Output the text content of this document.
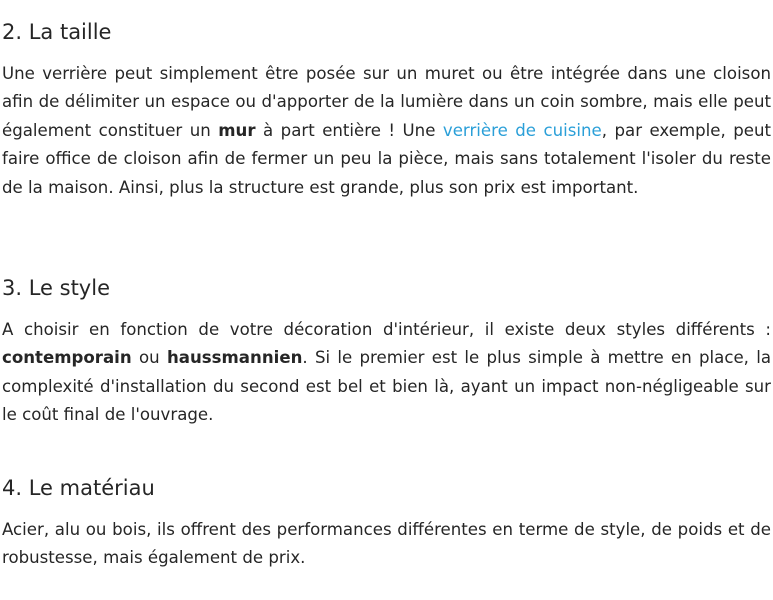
2. La taille

Une verrière peut simplement être posée sur un muret ou être intégrée dans une cloison afin de délimiter un espace ou d'apporter de la lumière dans un coin sombre, mais elle peut également constituer un mur à part entière ! Une verrière de cuisine, par exemple, peut faire office de cloison afin de fermer un peu la pièce, mais sans totalement l'isoler du reste de la maison. Ainsi, plus la structure est grande, plus son prix est important.

3. Le style

A choisir en fonction de votre décoration d'intérieur, il existe deux styles différents : contemporain ou haussmannien. Si le premier est le plus simple à mettre en place, la complexité d'installation du second est bel et bien là, ayant un impact non-négligeable sur le coût final de l'ouvrage.

4. Le matériau

Acier, alu ou bois, ils offrent des performances différentes en terme de style, de poids et de robustesse, mais également de prix.
